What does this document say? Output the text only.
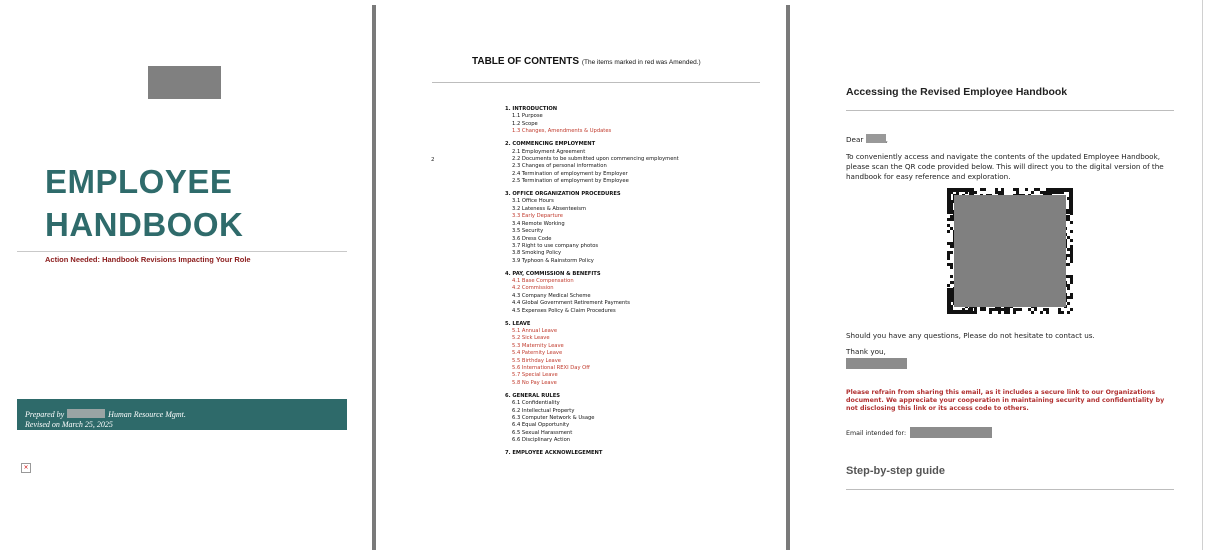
EMPLOYEE
HANDBOOK
Action Needed: Handbook Revisions Impacting Your Role
Prepared by	Human Resource Mgmt.
Revised on March 25, 2025
×
TABLE OF CONTENTS (The items marked in red was Amended.)
2
1. INTRODUCTION
1.1 Purpose
1.2 Scope
1.3 Changes, Amendments & Updates
2. COMMENCING EMPLOYMENT
2.1 Employment Agreement
2.2 Documents to be submitted upon commencing employment
2.3 Changes of personal information
2.4 Termination of employment by Employer
2.5 Termination of employment by Employee
3. OFFICE ORGANIZATION PROCEDURES
3.1 Office Hours
3.2 Lateness & Absenteeism
3.3 Early Departure
3.4 Remote Working
3.5 Security
3.6 Dress Code
3.7 Right to use company photos
3.8 Smoking Policy
3.9 Typhoon & Rainstorm Policy
4. PAY, COMMISSION & BENEFITS
4.1 Base Compensation
4.2 Commission
4.3 Company Medical Scheme
4.4 Global Government Retirement Payments
4.5 Expenses Policy & Claim Procedures
5. LEAVE
5.1 Annual Leave
5.2 Sick Leave
5.3 Maternity Leave
5.4 Paternity Leave
5.5 Birthday Leave
5.6 International REXI Day Off
5.7 Special Leave
5.8 No Pay Leave
6. GENERAL RULES
6.1 Confidentiality
6.2 Intellectual Property
6.3 Computer Network & Usage
6.4 Equal Opportunity
6.5 Sexual Harassment
6.6 Disciplinary Action
7. EMPLOYEE ACKNOWLEGEMENT
Accessing the Revised Employee Handbook
Dear	,
To conveniently access and navigate the contents of the updated Employee Handbook, please scan the QR code provided below. This will direct you to the digital version of the handbook for easy reference and exploration.
Should you have any questions, Please do not hesitate to contact us.
Thank you,
Please refrain from sharing this email, as it includes a secure link to our Organizations document. We appreciate your cooperation in maintaining security and confidentiality by not disclosing this link or its access code to others.
Email intended for:
Step-by-step guide
